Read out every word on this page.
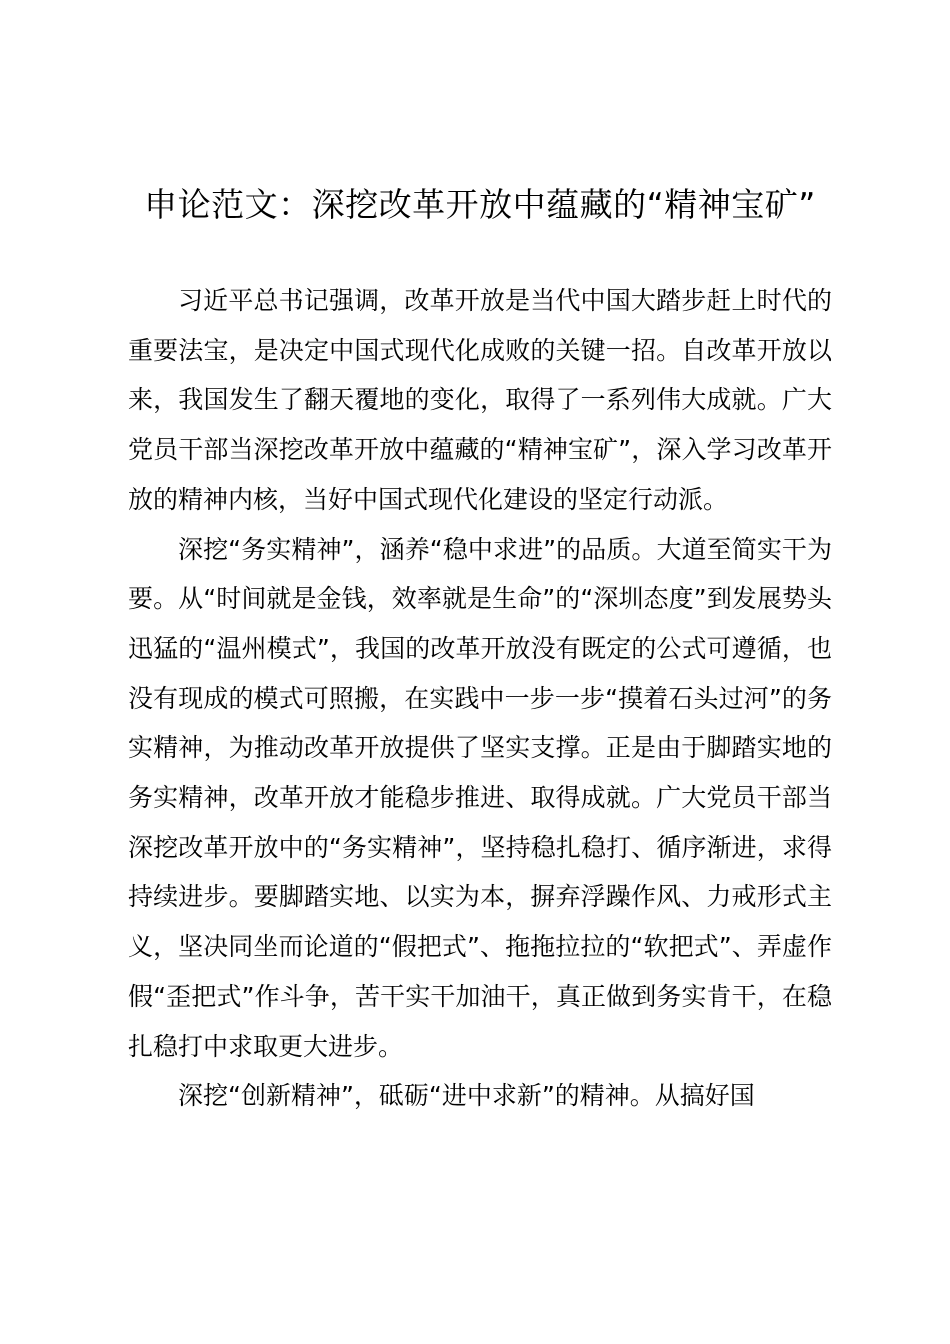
申论范文：深挖改革开放中蕴藏的“精神宝矿”

习近平总书记强调，改革开放是当代中国大踏步赶上时代的重要法宝，是决定中国式现代化成败的关键一招。自改革开放以来，我国发生了翻天覆地的变化，取得了一系列伟大成就。广大党员干部当深挖改革开放中蕴藏的“精神宝矿”，深入学习改革开放的精神内核，当好中国式现代化建设的坚定行动派。

深挖“务实精神”，涵养“稳中求进”的品质。大道至简实干为要。从“时间就是金钱，效率就是生命”的“深圳态度”到发展势头迅猛的“温州模式”，我国的改革开放没有既定的公式可遵循，也没有现成的模式可照搬，在实践中一步一步“摸着石头过河”的务实精神，为推动改革开放提供了坚实支撑。正是由于脚踏实地的务实精神，改革开放才能稳步推进、取得成就。广大党员干部当深挖改革开放中的“务实精神”，坚持稳扎稳打、循序渐进，求得持续进步。要脚踏实地、以实为本，摒弃浮躁作风、力戒形式主义，坚决同坐而论道的“假把式”、拖拖拉拉的“软把式”、弄虚作假“歪把式”作斗争，苦干实干加油干，真正做到务实肯干，在稳扎稳打中求取更大进步。

深挖“创新精神”，砥砺“进中求新”的精神。从搞好国
